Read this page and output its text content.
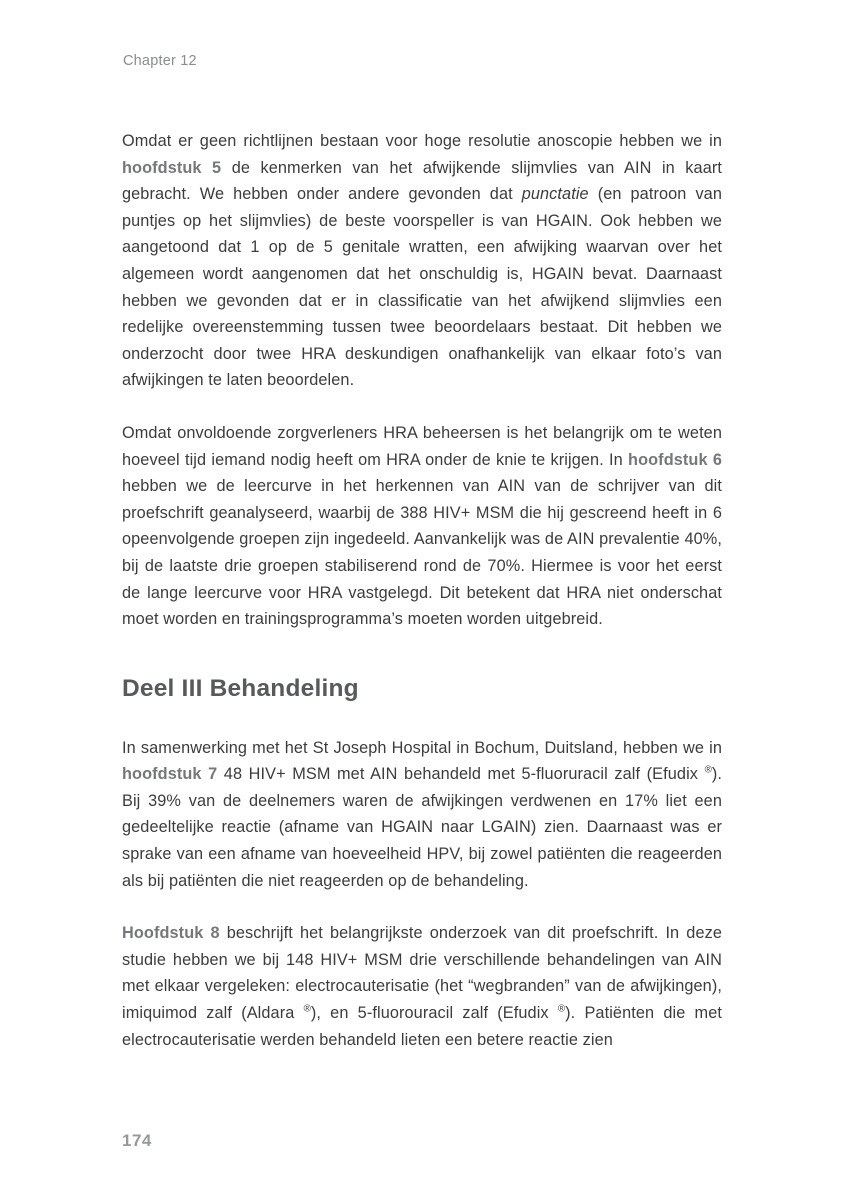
Chapter 12

Omdat er geen richtlijnen bestaan voor hoge resolutie anoscopie hebben we in hoofdstuk 5 de kenmerken van het afwijkende slijmvlies van AIN in kaart gebracht. We hebben onder andere gevonden dat punctatie (en patroon van puntjes op het slijmvlies) de beste voorspeller is van HGAIN. Ook hebben we aangetoond dat 1 op de 5 genitale wratten, een afwijking waarvan over het algemeen wordt aangenomen dat het onschuldig is, HGAIN bevat. Daarnaast hebben we gevonden dat er in classificatie van het afwijkend slijmvlies een redelijke overeenstemming tussen twee beoordelaars bestaat. Dit hebben we onderzocht door twee HRA deskundigen onafhankelijk van elkaar foto’s van afwijkingen te laten beoordelen.

Omdat onvoldoende zorgverleners HRA beheersen is het belangrijk om te weten hoeveel tijd iemand nodig heeft om HRA onder de knie te krijgen. In hoofdstuk 6 hebben we de leercurve in het herkennen van AIN van de schrijver van dit proefschrift geanalyseerd, waarbij de 388 HIV+ MSM die hij gescreend heeft in 6 opeenvolgende groepen zijn ingedeeld. Aanvankelijk was de AIN prevalentie 40%, bij de laatste drie groepen stabiliserend rond de 70%. Hiermee is voor het eerst de lange leercurve voor HRA vastgelegd. Dit betekent dat HRA niet onderschat moet worden en trainingsprogramma’s moeten worden uitgebreid.

Deel III Behandeling

In samenwerking met het St Joseph Hospital in Bochum, Duitsland, hebben we in hoofdstuk 7 48 HIV+ MSM met AIN behandeld met 5-fluoruracil zalf (Efudix ®). Bij 39% van de deelnemers waren de afwijkingen verdwenen en 17% liet een gedeeltelijke reactie (afname van HGAIN naar LGAIN) zien. Daarnaast was er sprake van een afname van hoeveelheid HPV, bij zowel patiënten die reageerden als bij patiënten die niet reageerden op de behandeling.

Hoofdstuk 8 beschrijft het belangrijkste onderzoek van dit proefschrift. In deze studie hebben we bij 148 HIV+ MSM drie verschillende behandelingen van AIN met elkaar vergeleken: electrocauterisatie (het “wegbranden” van de afwijkingen), imiquimod zalf (Aldara ®), en 5-fluorouracil zalf (Efudix ®). Patiënten die met electrocauterisatie werden behandeld lieten een betere reactie zien

174
